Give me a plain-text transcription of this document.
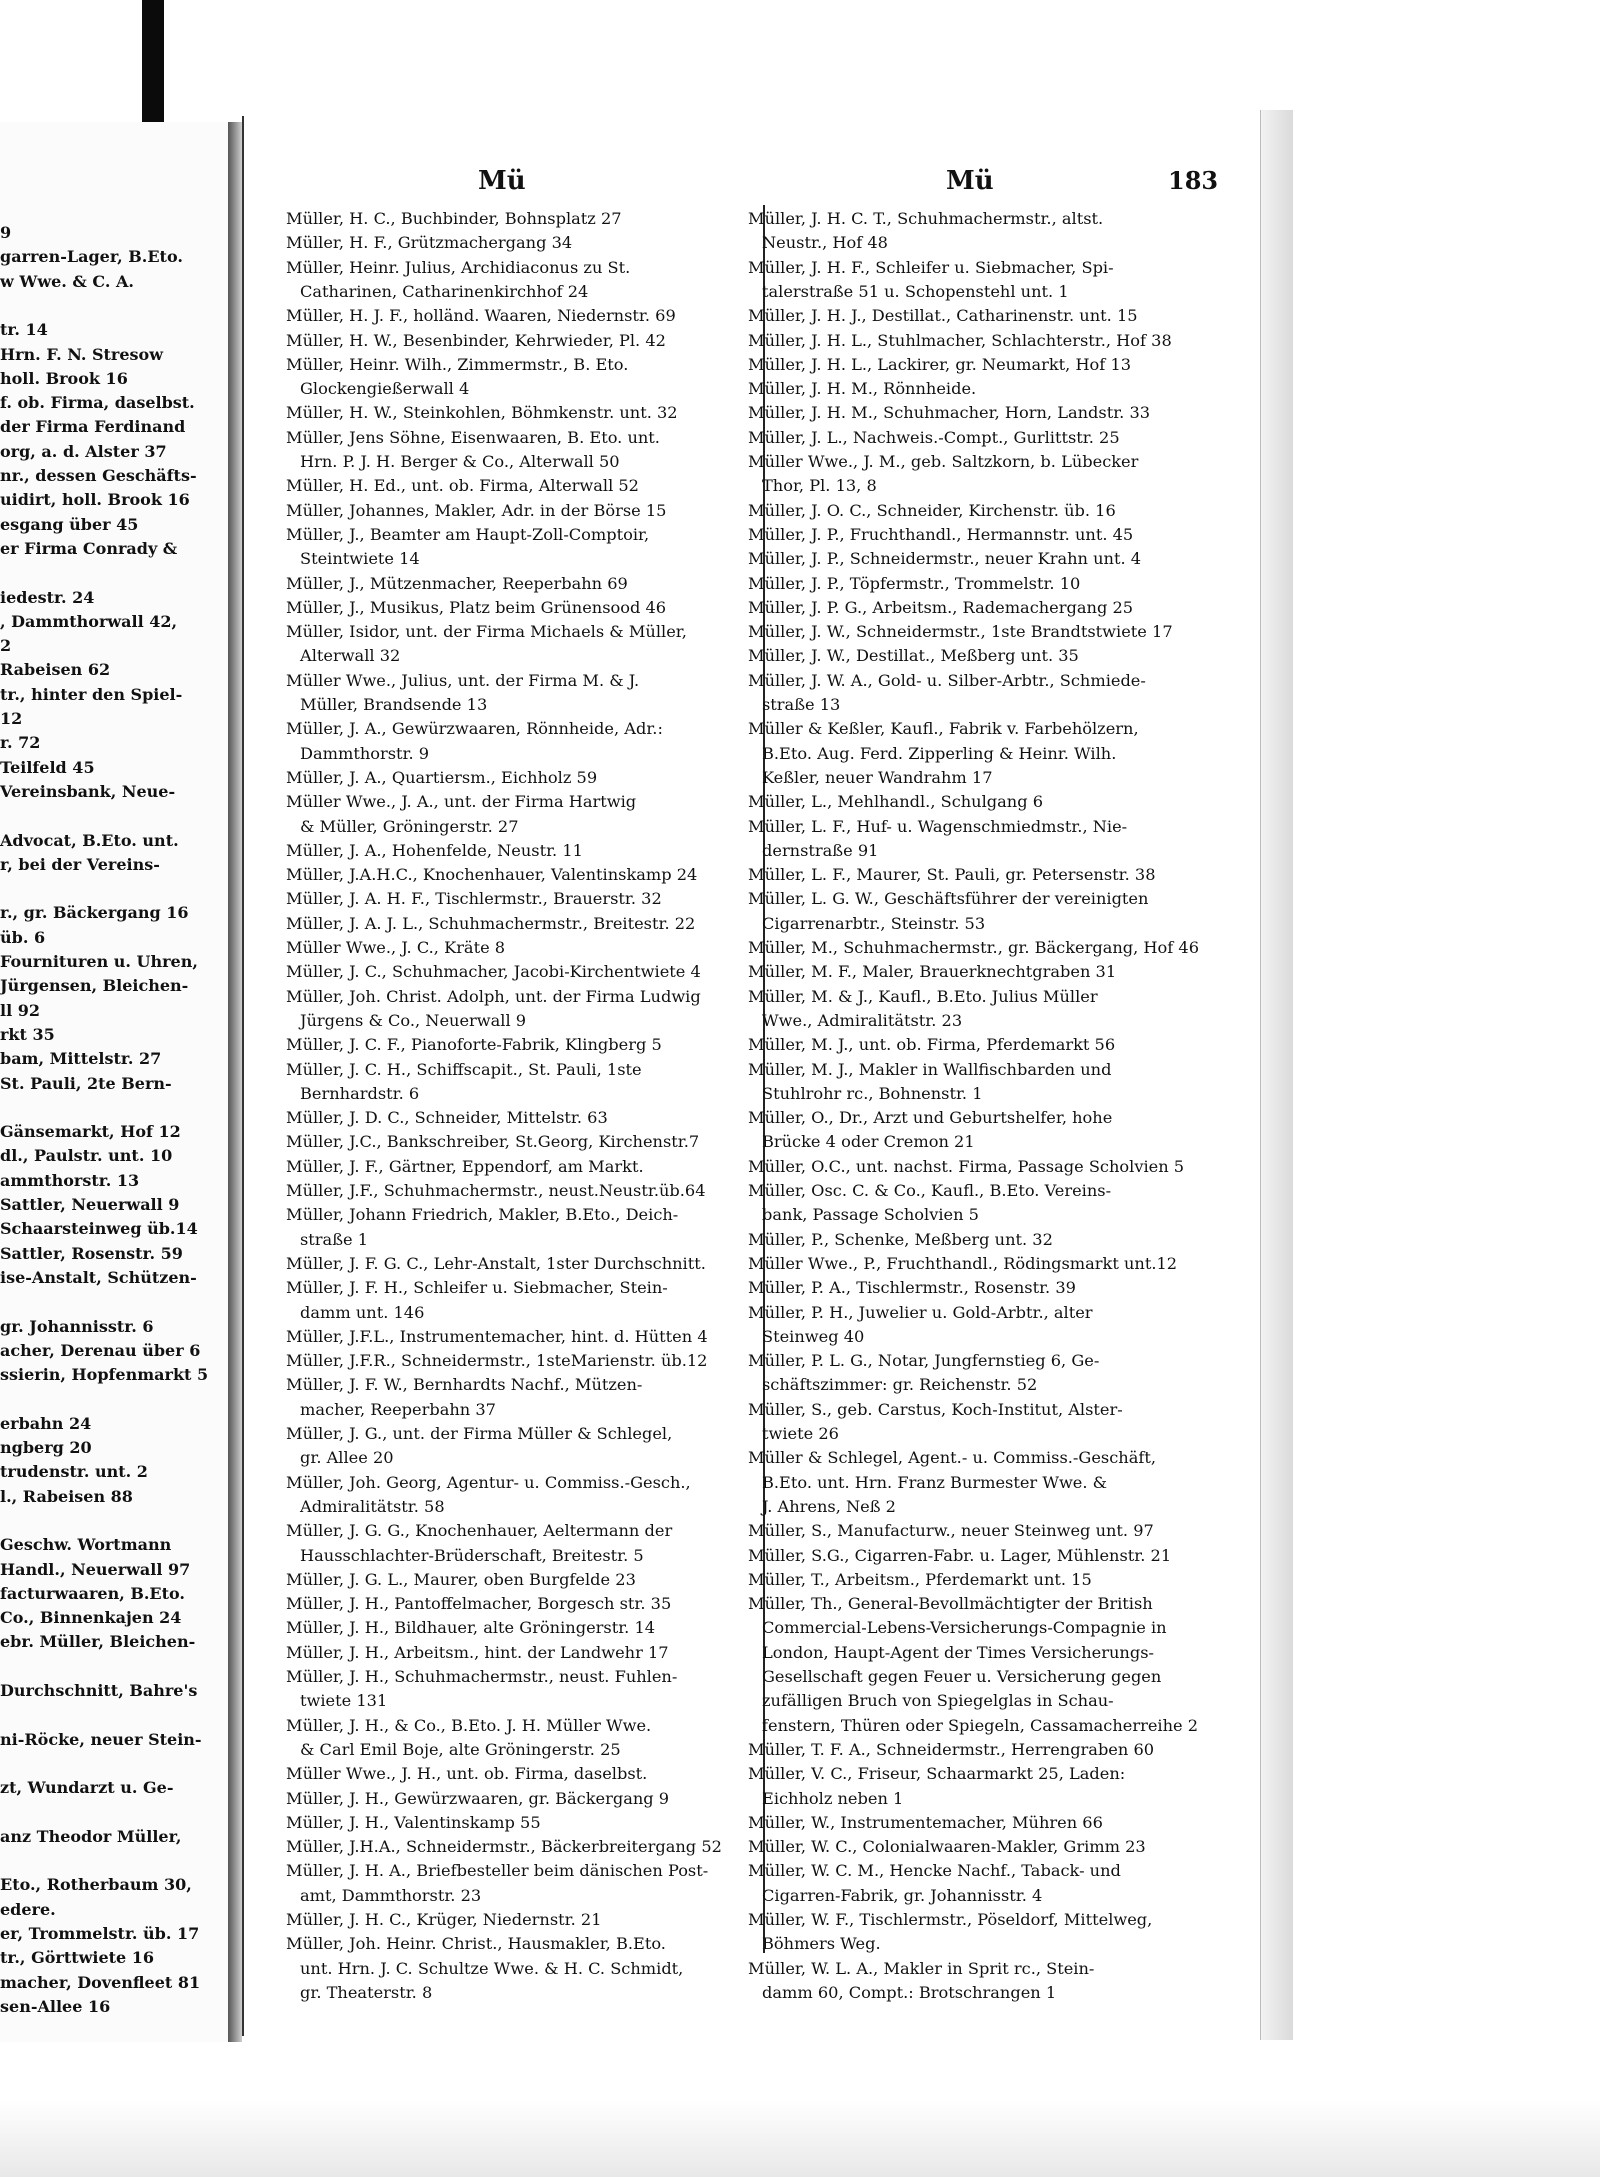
9
garren-Lager, B.Eto.
w Wwe. & C. A.
tr. 14
Hrn. F. N. Stresow
holl. Brook 16
f. ob. Firma, daselbst.
der Firma Ferdinand
org, a. d. Alster 37
nr., dessen Geschäfts-
uidirt, holl. Brook 16
esgang über 45
er Firma Conrady &
iedestr. 24
, Dammthorwall 42,
2
Rabeisen 62
tr., hinter den Spiel-
12
r. 72
Teilfeld 45
Vereinsbank, Neue-
Advocat, B.Eto. unt.
r, bei der Vereins-
r., gr. Bäckergang 16
üb. 6
Fournituren u. Uhren,
Jürgensen, Bleichen-
ll 92
rkt 35
bam, Mittelstr. 27
St. Pauli, 2te Bern-
Gänsemarkt, Hof 12
dl., Paulstr. unt. 10
ammthorstr. 13
Sattler, Neuerwall 9
Schaarsteinweg üb.14
Sattler, Rosenstr. 59
ise-Anstalt, Schützen-
gr. Johannisstr. 6
acher, Derenau über 6
ssierin, Hopfenmarkt 5
erbahn 24
ngberg 20
trudenstr. unt. 2
l., Rabeisen 88
Geschw. Wortmann
Handl., Neuerwall 97
facturwaaren, B.Eto.
Co., Binnenkajen 24
ebr. Müller, Bleichen-
Durchschnitt, Bahre's
ni-Röcke, neuer Stein-
zt, Wundarzt u. Ge-
anz Theodor Müller,
Eto., Rotherbaum 30,
edere.
er, Trommelstr. üb. 17
tr., Görttwiete 16
macher, Dovenfleet 81
sen-Allee 16
Mü	Mü	183
Müller, H. C., Buchbinder, Bohnsplatz 27
Müller, H. F., Grützmachergang 34
Müller, Heinr. Julius, Archidiaconus zu St.
Catharinen, Catharinenkirchhof 24
Müller, H. J. F., holländ. Waaren, Niedernstr. 69
Müller, H. W., Besenbinder, Kehrwieder, Pl. 42
Müller, Heinr. Wilh., Zimmermstr., B. Eto.
Glockengießerwall 4
Müller, H. W., Steinkohlen, Böhmkenstr. unt. 32
Müller, Jens Söhne, Eisenwaaren, B. Eto. unt.
Hrn. P. J. H. Berger & Co., Alterwall 50
Müller, H. Ed., unt. ob. Firma, Alterwall 52
Müller, Johannes, Makler, Adr. in der Börse 15
Müller, J., Beamter am Haupt-Zoll-Comptoir,
Steintwiete 14
Müller, J., Mützenmacher, Reeperbahn 69
Müller, J., Musikus, Platz beim Grünensood 46
Müller, Isidor, unt. der Firma Michaels & Müller,
Alterwall 32
Müller Wwe., Julius, unt. der Firma M. & J.
Müller, Brandsende 13
Müller, J. A., Gewürzwaaren, Rönnheide, Adr.:
Dammthorstr. 9
Müller, J. A., Quartiersm., Eichholz 59
Müller Wwe., J. A., unt. der Firma Hartwig
& Müller, Gröningerstr. 27
Müller, J. A., Hohenfelde, Neustr. 11
Müller, J.A.H.C., Knochenhauer, Valentinskamp 24
Müller, J. A. H. F., Tischlermstr., Brauerstr. 32
Müller, J. A. J. L., Schuhmachermstr., Breitestr. 22
Müller Wwe., J. C., Kräte 8
Müller, J. C., Schuhmacher, Jacobi-Kirchentwiete 4
Müller, Joh. Christ. Adolph, unt. der Firma Ludwig
Jürgens & Co., Neuerwall 9
Müller, J. C. F., Pianoforte-Fabrik, Klingberg 5
Müller, J. C. H., Schiffscapit., St. Pauli, 1ste
Bernhardstr. 6
Müller, J. D. C., Schneider, Mittelstr. 63
Müller, J.C., Bankschreiber, St.Georg, Kirchenstr.7
Müller, J. F., Gärtner, Eppendorf, am Markt.
Müller, J.F., Schuhmachermstr., neust.Neustr.üb.64
Müller, Johann Friedrich, Makler, B.Eto., Deich-
straße 1
Müller, J. F. G. C., Lehr-Anstalt, 1ster Durchschnitt.
Müller, J. F. H., Schleifer u. Siebmacher, Stein-
damm unt. 146
Müller, J.F.L., Instrumentemacher, hint. d. Hütten 4
Müller, J.F.R., Schneidermstr., 1steMarienstr. üb.12
Müller, J. F. W., Bernhardts Nachf., Mützen-
macher, Reeperbahn 37
Müller, J. G., unt. der Firma Müller & Schlegel,
gr. Allee 20
Müller, Joh. Georg, Agentur- u. Commiss.-Gesch.,
Admiralitätstr. 58
Müller, J. G. G., Knochenhauer, Aeltermann der
Hausschlachter-Brüderschaft, Breitestr. 5
Müller, J. G. L., Maurer, oben Burgfelde 23
Müller, J. H., Pantoffelmacher, Borgesch str. 35
Müller, J. H., Bildhauer, alte Gröningerstr. 14
Müller, J. H., Arbeitsm., hint. der Landwehr 17
Müller, J. H., Schuhmachermstr., neust. Fuhlen-
twiete 131
Müller, J. H., & Co., B.Eto. J. H. Müller Wwe.
& Carl Emil Boje, alte Gröningerstr. 25
Müller Wwe., J. H., unt. ob. Firma, daselbst.
Müller, J. H., Gewürzwaaren, gr. Bäckergang 9
Müller, J. H., Valentinskamp 55
Müller, J.H.A., Schneidermstr., Bäckerbreitergang 52
Müller, J. H. A., Briefbesteller beim dänischen Post-
amt, Dammthorstr. 23
Müller, J. H. C., Krüger, Niedernstr. 21
Müller, Joh. Heinr. Christ., Hausmakler, B.Eto.
unt. Hrn. J. C. Schultze Wwe. & H. C. Schmidt,
gr. Theaterstr. 8
Müller, J. H. C. T., Schuhmachermstr., altst.
Neustr., Hof 48
Müller, J. H. F., Schleifer u. Siebmacher, Spi-
talerstraße 51 u. Schopenstehl unt. 1
Müller, J. H. J., Destillat., Catharinenstr. unt. 15
Müller, J. H. L., Stuhlmacher, Schlachterstr., Hof 38
Müller, J. H. L., Lackirer, gr. Neumarkt, Hof 13
Müller, J. H. M., Rönnheide.
Müller, J. H. M., Schuhmacher, Horn, Landstr. 33
Müller, J. L., Nachweis.-Compt., Gurlittstr. 25
Müller Wwe., J. M., geb. Saltzkorn, b. Lübecker
Thor, Pl. 13, 8
Müller, J. O. C., Schneider, Kirchenstr. üb. 16
Müller, J. P., Fruchthandl., Hermannstr. unt. 45
Müller, J. P., Schneidermstr., neuer Krahn unt. 4
Müller, J. P., Töpfermstr., Trommelstr. 10
Müller, J. P. G., Arbeitsm., Rademachergang 25
Müller, J. W., Schneidermstr., 1ste Brandtstwiete 17
Müller, J. W., Destillat., Meßberg unt. 35
Müller, J. W. A., Gold- u. Silber-Arbtr., Schmiede-
straße 13
Müller & Keßler, Kaufl., Fabrik v. Farbehölzern,
B.Eto. Aug. Ferd. Zipperling & Heinr. Wilh.
Keßler, neuer Wandrahm 17
Müller, L., Mehlhandl., Schulgang 6
Müller, L. F., Huf- u. Wagenschmiedmstr., Nie-
dernstraße 91
Müller, L. F., Maurer, St. Pauli, gr. Petersenstr. 38
Müller, L. G. W., Geschäftsführer der vereinigten
Cigarrenarbtr., Steinstr. 53
Müller, M., Schuhmachermstr., gr. Bäckergang, Hof 46
Müller, M. F., Maler, Brauerknechtgraben 31
Müller, M. & J., Kaufl., B.Eto. Julius Müller
Wwe., Admiralitätstr. 23
Müller, M. J., unt. ob. Firma, Pferdemarkt 56
Müller, M. J., Makler in Wallfischbarden und
Stuhlrohr rc., Bohnenstr. 1
Müller, O., Dr., Arzt und Geburtshelfer, hohe
Brücke 4 oder Cremon 21
Müller, O.C., unt. nachst. Firma, Passage Scholvien 5
Müller, Osc. C. & Co., Kaufl., B.Eto. Vereins-
bank, Passage Scholvien 5
Müller, P., Schenke, Meßberg unt. 32
Müller Wwe., P., Fruchthandl., Rödingsmarkt unt.12
Müller, P. A., Tischlermstr., Rosenstr. 39
Müller, P. H., Juwelier u. Gold-Arbtr., alter
Steinweg 40
Müller, P. L. G., Notar, Jungfernstieg 6, Ge-
schäftszimmer: gr. Reichenstr. 52
Müller, S., geb. Carstus, Koch-Institut, Alster-
twiete 26
Müller & Schlegel, Agent.- u. Commiss.-Geschäft,
B.Eto. unt. Hrn. Franz Burmester Wwe. &
J. Ahrens, Neß 2
Müller, S., Manufacturw., neuer Steinweg unt. 97
Müller, S.G., Cigarren-Fabr. u. Lager, Mühlenstr. 21
Müller, T., Arbeitsm., Pferdemarkt unt. 15
Müller, Th., General-Bevollmächtigter der British
Commercial-Lebens-Versicherungs-Compagnie in
London, Haupt-Agent der Times Versicherungs-
Gesellschaft gegen Feuer u. Versicherung gegen
zufälligen Bruch von Spiegelglas in Schau-
fenstern, Thüren oder Spiegeln, Cassamacherreihe 2
Müller, T. F. A., Schneidermstr., Herrengraben 60
Müller, V. C., Friseur, Schaarmarkt 25, Laden:
Eichholz neben 1
Müller, W., Instrumentemacher, Mühren 66
Müller, W. C., Colonialwaaren-Makler, Grimm 23
Müller, W. C. M., Hencke Nachf., Taback- und
Cigarren-Fabrik, gr. Johannisstr. 4
Müller, W. F., Tischlermstr., Pöseldorf, Mittelweg,
Böhmers Weg.
Müller, W. L. A., Makler in Sprit rc., Stein-
damm 60, Compt.: Brotschrangen 1
